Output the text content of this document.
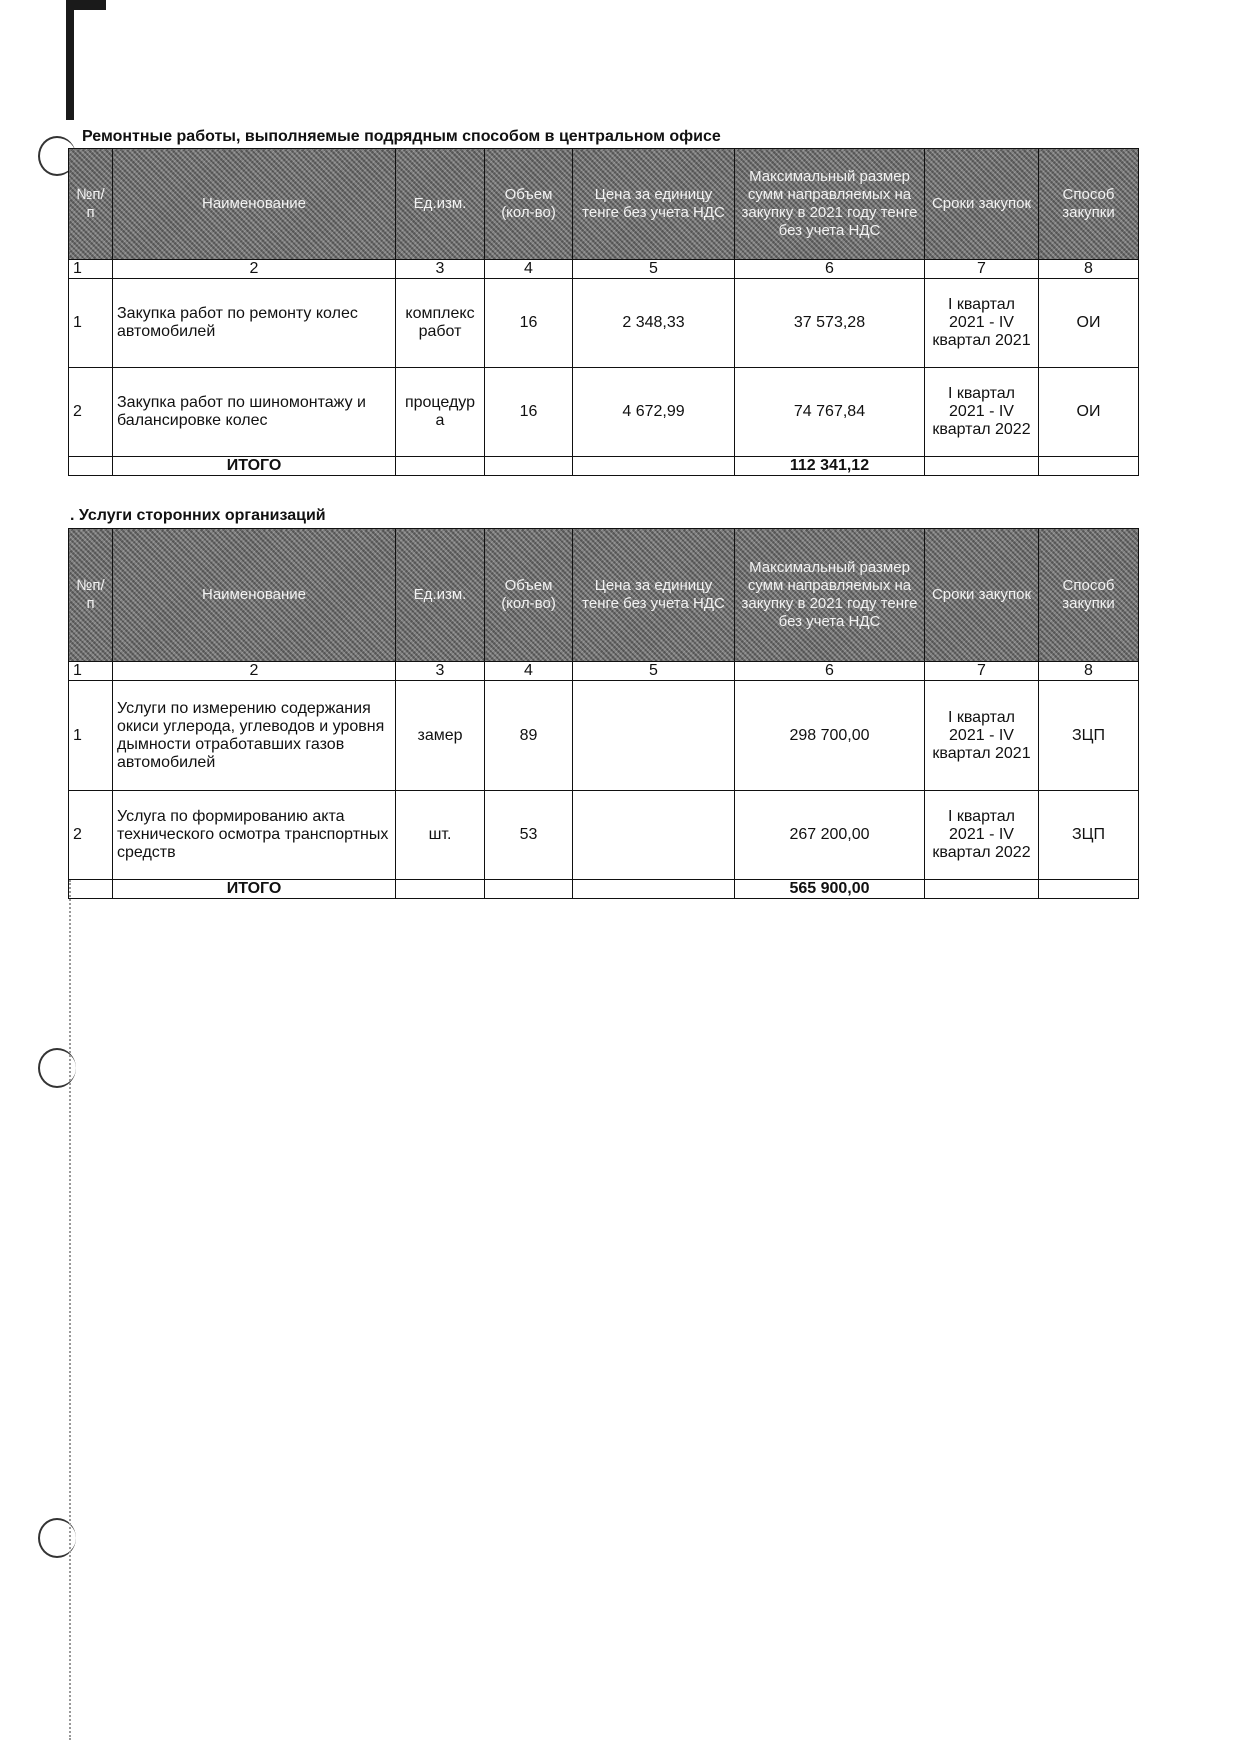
Ремонтные работы, выполняемые подрядным способом в центральном офисе
№п/п	Наименование	Ед.изм.	Объем (кол-во)	Цена за единицу тенге без учета НДС	Максимальный размер сумм направляемых на закупку в 2021 году тенге без учета НДС	Сроки закупок	Способ закупки
1	2	3	4	5	6	7	8
1	Закупка работ по ремонту колес автомобилей	комплекс работ	16	2 348,33	37 573,28	I квартал 2021 - IV квартал 2021	ОИ
2	Закупка работ по шиномонтажу и балансировке колес	процедур а	16	4 672,99	74 767,84	I квартал 2021 - IV квартал 2022	ОИ
	ИТОГО				112 341,12		
. Услуги сторонних организаций
№п/п	Наименование	Ед.изм.	Объем (кол-во)	Цена за единицу тенге без учета НДС	Максимальный размер сумм направляемых на закупку в 2021 году тенге без учета НДС	Сроки закупок	Способ закупки
1	2	3	4	5	6	7	8
1	Услуги по измерению содержания окиси углерода, углеводов и уровня дымности отработавших газов автомобилей	замер	89		298 700,00	I квартал 2021 - IV квартал 2021	ЗЦП
2	Услуга по формированию акта технического осмотра транспортных средств	шт.	53		267 200,00	I квартал 2021 - IV квартал 2022	ЗЦП
	ИТОГО				565 900,00		
